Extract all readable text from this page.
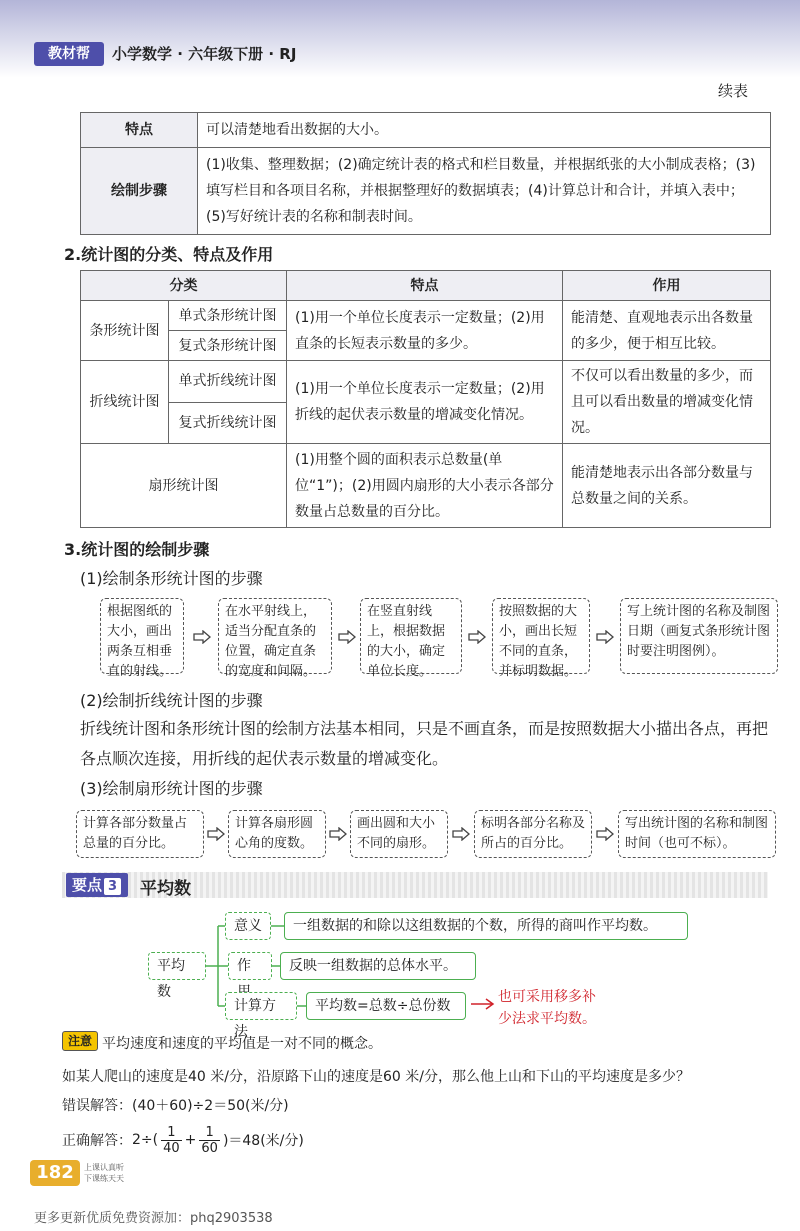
教材帮	小学数学 · 六年级下册 · RJ
续表
特点	可以清楚地看出数据的大小。
绘制步骤	(1)收集、整理数据；(2)确定统计表的格式和栏目数量，并根据纸张的大小制成表格；(3)填写栏目和各项目名称，并根据整理好的数据填表；(4)计算总计和合计，并填入表中；(5)写好统计表的名称和制表时间。
2.统计图的分类、特点及作用
分类		特点	作用
条形统计图	单式条形统计图	(1)用一个单位长度表示一定数量；(2)用直条的长短表示数量的多少。	能清楚、直观地表示出各数量的多少，便于相互比较。
	复式条形统计图		
折线统计图	单式折线统计图	(1)用一个单位长度表示一定数量；(2)用折线的起伏表示数量的增减变化情况。	不仅可以看出数量的多少，而且可以看出数量的增减变化情况。
	复式折线统计图		
扇形统计图		(1)用整个圆的面积表示总数量(单位“1”)；(2)用圆内扇形的大小表示各部分数量占总数量的百分比。	能清楚地表示出各部分数量与总数量之间的关系。
3.统计图的绘制步骤
(1)绘制条形统计图的步骤
根据图纸的大小，画出两条互相垂直的射线。
在水平射线上，适当分配直条的位置，确定直条的宽度和间隔。
在竖直射线上，根据数据的大小，确定单位长度。
按照数据的大小，画出长短不同的直条，并标明数据。
写上统计图的名称及制图日期（画复式条形统计图时要注明图例）。
(2)绘制折线统计图的步骤
折线统计图和条形统计图的绘制方法基本相同，只是不画直条，而是按照数据大小描出各点，再把各点顺次连接，用折线的起伏表示数量的增减变化。
(3)绘制扇形统计图的步骤
计算各部分数量占总量的百分比。
计算各扇形圆心角的度数。
画出圆和大小不同的扇形。
标明各部分名称及所占的百分比。
写出统计图的名称和制图时间（也可不标）。
要点 3	平均数
平均数
意义	一组数据的和除以这组数据的个数，所得的商叫作平均数。
作	反映一组数据的总体水平。
计算方法
平均数=总数÷总份数
也可采用移多补少法求平均数。
注意 平均速度和速度的平均值是一对不同的概念。
如某人爬山的速度是40 米/分，沿原路下山的速度是60 米/分，那么他上山和下山的平均速度是多少？
错误解答：(40＋60)÷2＝50(米/分)
正确解答： $2\div( \frac{1}{40} + \frac{1}{60} )=48$(米/分)
182	上课认真听
下课练天天
更多更新优质免费资源加：phq2903538
